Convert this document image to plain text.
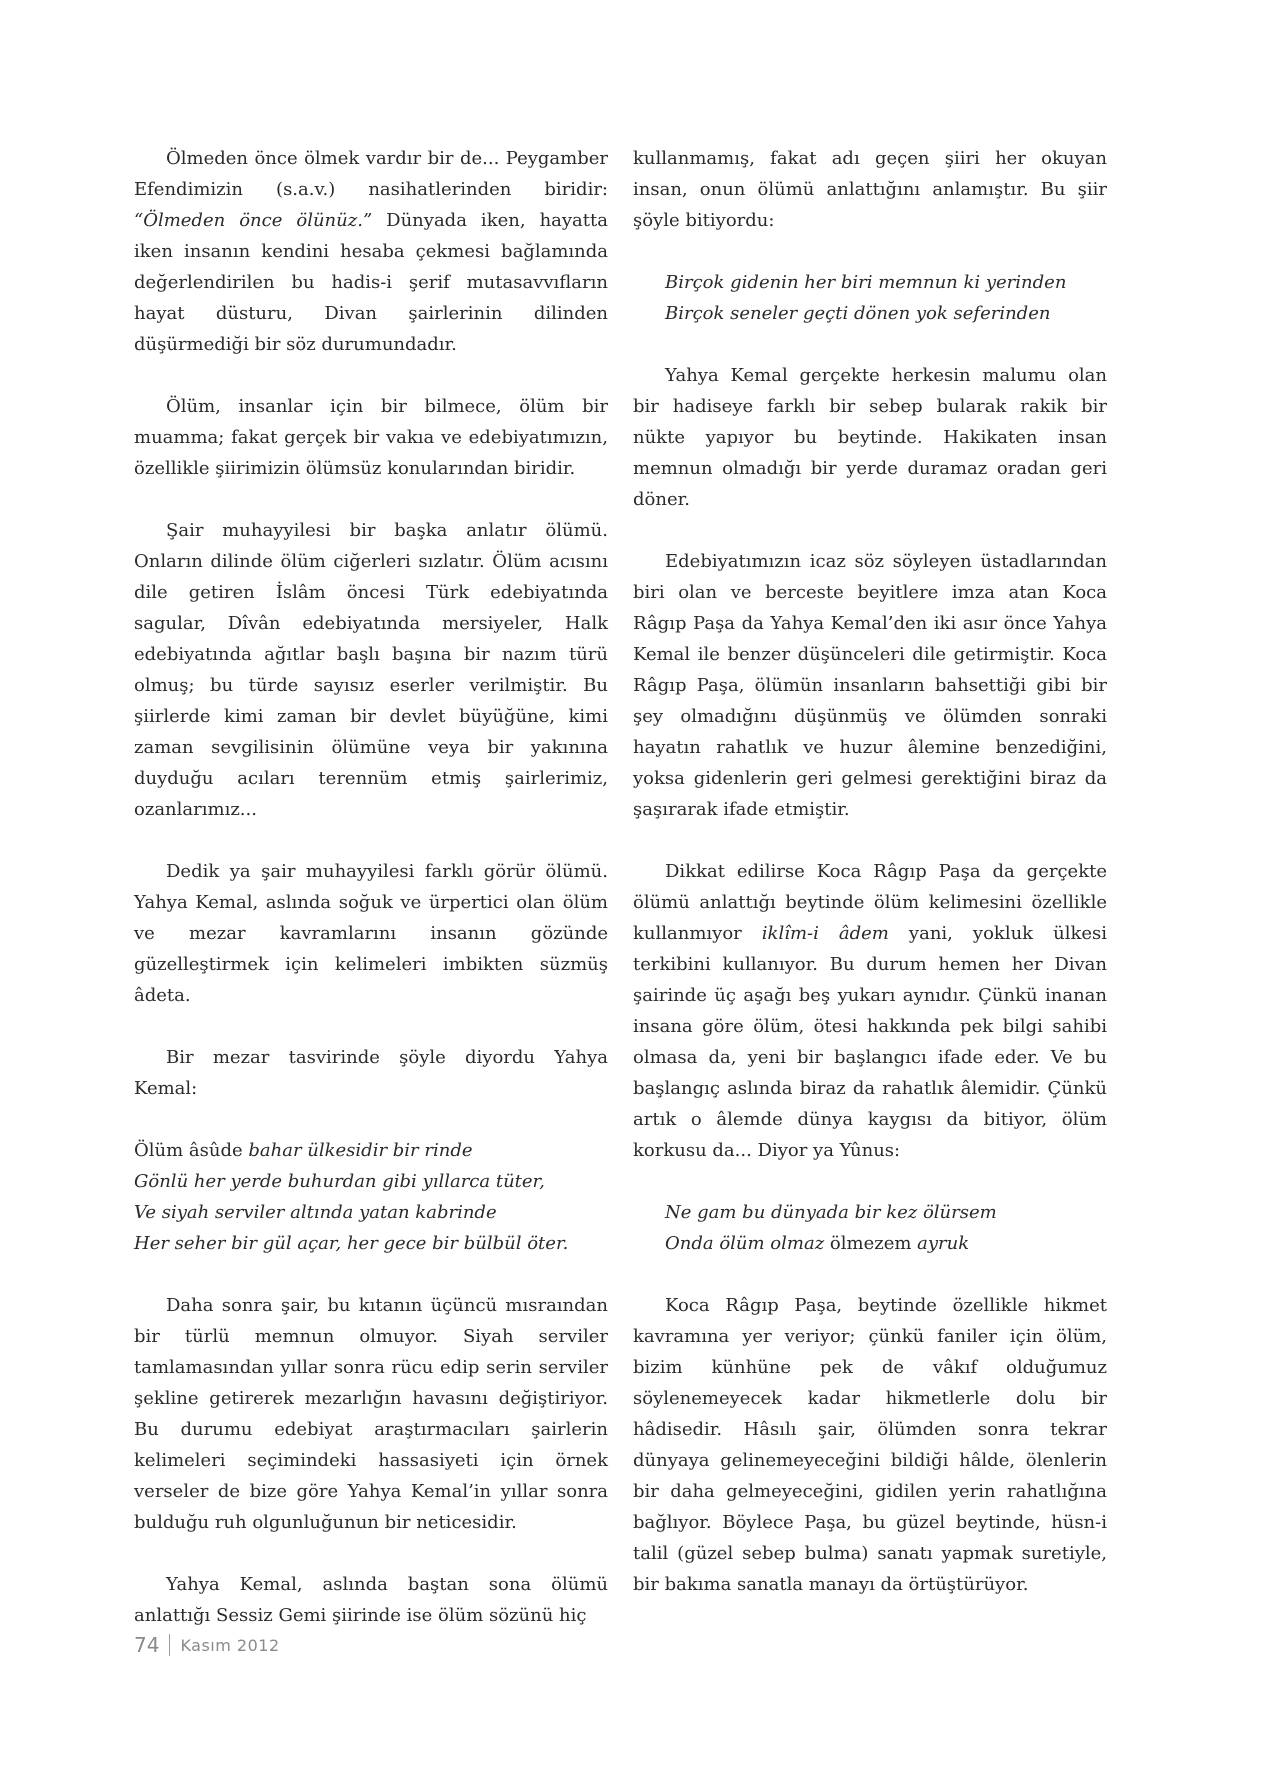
Ölmeden önce ölmek vardır bir de... Peygamber Efendimizin (s.a.v.) nasihatlerinden biridir: “Ölmeden önce ölünüz.” Dünyada iken, hayatta iken insanın kendini hesaba çekmesi bağlamında değerlendirilen bu hadis-i şerif mutasavvıfların hayat düsturu, Divan şairlerinin dilinden düşürmediği bir söz durumundadır.

Ölüm, insanlar için bir bilmece, ölüm bir muamma; fakat gerçek bir vakıa ve edebiyatımızın, özellikle şiirimizin ölümsüz konularından biridir.

Şair muhayyilesi bir başka anlatır ölümü. Onların dilinde ölüm ciğerleri sızlatır. Ölüm acısını dile getiren İslâm öncesi Türk edebiyatında sagular, Dîvân edebiyatında mersiyeler, Halk edebiyatında ağıtlar başlı başına bir nazım türü olmuş; bu türde sayısız eserler verilmiştir. Bu şiirlerde kimi zaman bir devlet büyüğüne, kimi zaman sevgilisinin ölümüne veya bir yakınına duyduğu acıları terennüm etmiş şairlerimiz, ozanlarımız...

Dedik ya şair muhayyilesi farklı görür ölümü. Yahya Kemal, aslında soğuk ve ürpertici olan ölüm ve mezar kavramlarını insanın gözünde güzelleştirmek için kelimeleri imbikten süzmüş âdeta.

Bir mezar tasvirinde şöyle diyordu Yahya Kemal:

Ölüm âsûde bahar ülkesidir bir rinde

Gönlü her yerde buhurdan gibi yıllarca tüter,

Ve siyah serviler altında yatan kabrinde

Her seher bir gül açar, her gece bir bülbül öter.

Daha sonra şair, bu kıtanın üçüncü mısraından bir türlü memnun olmuyor. Siyah serviler tamlamasından yıllar sonra rücu edip serin serviler şekline getirerek mezarlığın havasını değiştiriyor. Bu durumu edebiyat araştırmacıları şairlerin kelimeleri seçimindeki hassasiyeti için örnek verseler de bize göre Yahya Kemal’in yıllar sonra bulduğu ruh olgunluğunun bir neticesidir.

Yahya Kemal, aslında baştan sona ölümü anlattığı Sessiz Gemi şiirinde ise ölüm sözünü hiç

kullanmamış, fakat adı geçen şiiri her okuyan insan, onun ölümü anlattığını anlamıştır. Bu şiir şöyle bitiyordu:

Birçok gidenin her biri memnun ki yerinden

Birçok seneler geçti dönen yok seferinden

Yahya Kemal gerçekte herkesin malumu olan bir hadiseye farklı bir sebep bularak rakik bir nükte yapıyor bu beytinde. Hakikaten insan memnun olmadığı bir yerde duramaz oradan geri döner.

Edebiyatımızın icaz söz söyleyen üstadlarından biri olan ve berceste beyitlere imza atan Koca Râgıp Paşa da Yahya Kemal’den iki asır önce Yahya Kemal ile benzer düşünceleri dile getirmiştir. Koca Râgıp Paşa, ölümün insanların bahsettiği gibi bir şey olmadığını düşünmüş ve ölümden sonraki hayatın rahatlık ve huzur âlemine benzediğini, yoksa gidenlerin geri gelmesi gerektiğini biraz da şaşırarak ifade etmiştir.

Dikkat edilirse Koca Râgıp Paşa da gerçekte ölümü anlattığı beytinde ölüm kelimesini özellikle kullanmıyor iklîm-i âdem yani, yokluk ülkesi terkibini kullanıyor. Bu durum hemen her Divan şairinde üç aşağı beş yukarı aynıdır. Çünkü inanan insana göre ölüm, ötesi hakkında pek bilgi sahibi olmasa da, yeni bir başlangıcı ifade eder. Ve bu başlangıç aslında biraz da rahatlık âlemidir. Çünkü artık o âlemde dünya kaygısı da bitiyor, ölüm korkusu da... Diyor ya Yûnus:

Ne gam bu dünyada bir kez ölürsem

Onda ölüm olmaz ölmezem ayruk

Koca Râgıp Paşa, beytinde özellikle hikmet kavramına yer veriyor; çünkü faniler için ölüm, bizim künhüne pek de vâkıf olduğumuz söylenemeyecek kadar hikmetlerle dolu bir hâdisedir. Hâsılı şair, ölümden sonra tekrar dünyaya gelinemeyeceğini bildiği hâlde, ölenlerin bir daha gelmeyeceğini, gidilen yerin rahatlığına bağlıyor. Böylece Paşa, bu güzel beytinde, hüsn-i talil (güzel sebep bulma) sanatı yapmak suretiyle, bir bakıma sanatla manayı da örtüştürüyor.

74 Kasım 2012
